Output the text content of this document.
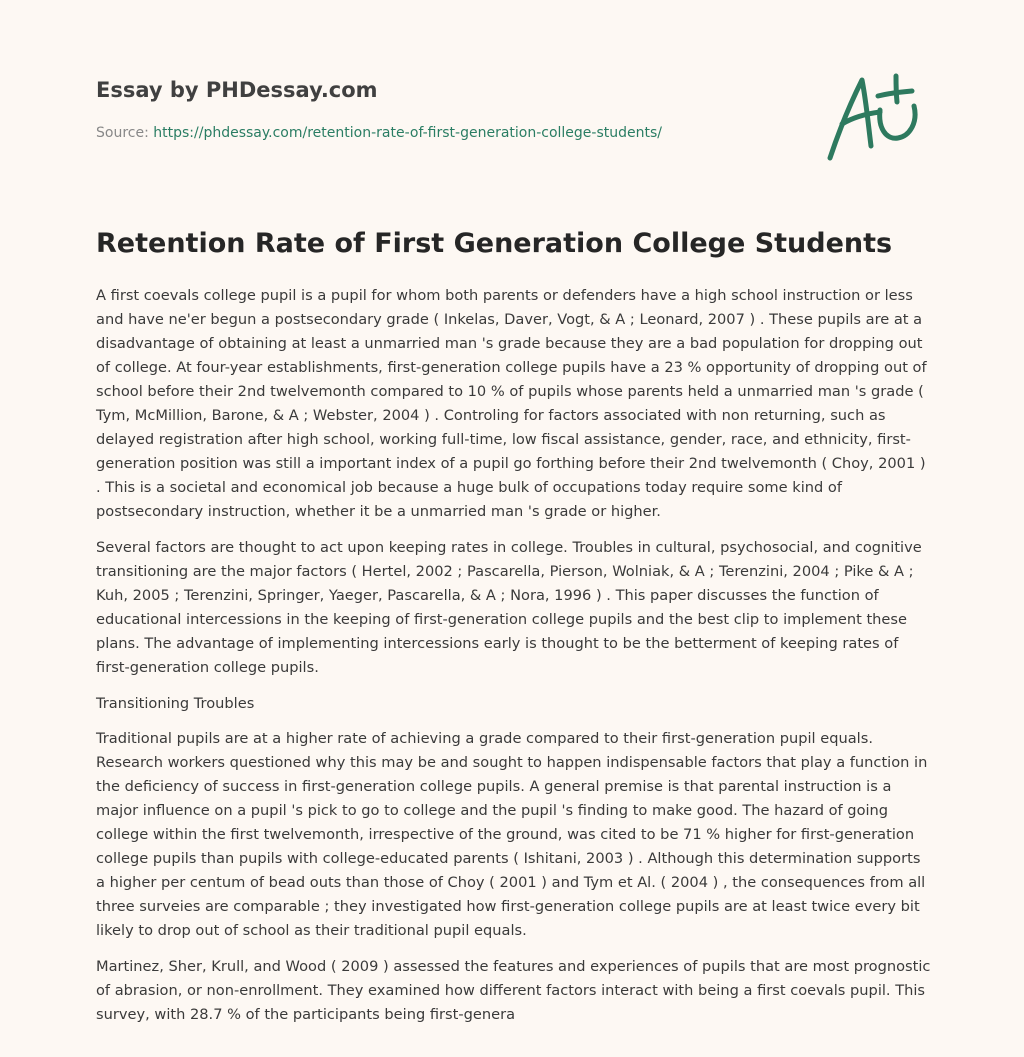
Essay by PHDessay.com
Source: https://phdessay.com/retention-rate-of-first-generation-college-students/
Retention Rate of First Generation College Students

A first coevals college pupil is a pupil for whom both parents or defenders have a high school instruction or less and have ne'er begun a postsecondary grade ( Inkelas, Daver, Vogt, & A ; Leonard, 2007 ) . These pupils are at a disadvantage of obtaining at least a unmarried man 's grade because they are a bad population for dropping out of college. At four-year establishments, first-generation college pupils have a 23 % opportunity of dropping out of school before their 2nd twelvemonth compared to 10 % of pupils whose parents held a unmarried man 's grade ( Tym, McMillion, Barone, & A ; Webster, 2004 ) . Controling for factors associated with non returning, such as delayed registration after high school, working full-time, low fiscal assistance, gender, race, and ethnicity, first-generation position was still a important index of a pupil go forthing before their 2nd twelvemonth ( Choy, 2001 ) . This is a societal and economical job because a huge bulk of occupations today require some kind of postsecondary instruction, whether it be a unmarried man 's grade or higher.

Several factors are thought to act upon keeping rates in college. Troubles in cultural, psychosocial, and cognitive transitioning are the major factors ( Hertel, 2002 ; Pascarella, Pierson, Wolniak, & A ; Terenzini, 2004 ; Pike & A ; Kuh, 2005 ; Terenzini, Springer, Yaeger, Pascarella, & A ; Nora, 1996 ) . This paper discusses the function of educational intercessions in the keeping of first-generation college pupils and the best clip to implement these plans. The advantage of implementing intercessions early is thought to be the betterment of keeping rates of first-generation college pupils.

Transitioning Troubles

Traditional pupils are at a higher rate of achieving a grade compared to their first-generation pupil equals. Research workers questioned why this may be and sought to happen indispensable factors that play a function in the deficiency of success in first-generation college pupils. A general premise is that parental instruction is a major influence on a pupil 's pick to go to college and the pupil 's finding to make good. The hazard of going college within the first twelvemonth, irrespective of the ground, was cited to be 71 % higher for first-generation college pupils than pupils with college-educated parents ( Ishitani, 2003 ) . Although this determination supports a higher per centum of bead outs than those of Choy ( 2001 ) and Tym et Al. ( 2004 ) , the consequences from all three surveies are comparable ; they investigated how first-generation college pupils are at least twice every bit likely to drop out of school as their traditional pupil equals.

Martinez, Sher, Krull, and Wood ( 2009 ) assessed the features and experiences of pupils that are most prognostic of abrasion, or non-enrollment. They examined how different factors interact with being a first coevals pupil. This survey, with 28.7 % of the participants being first-genera
